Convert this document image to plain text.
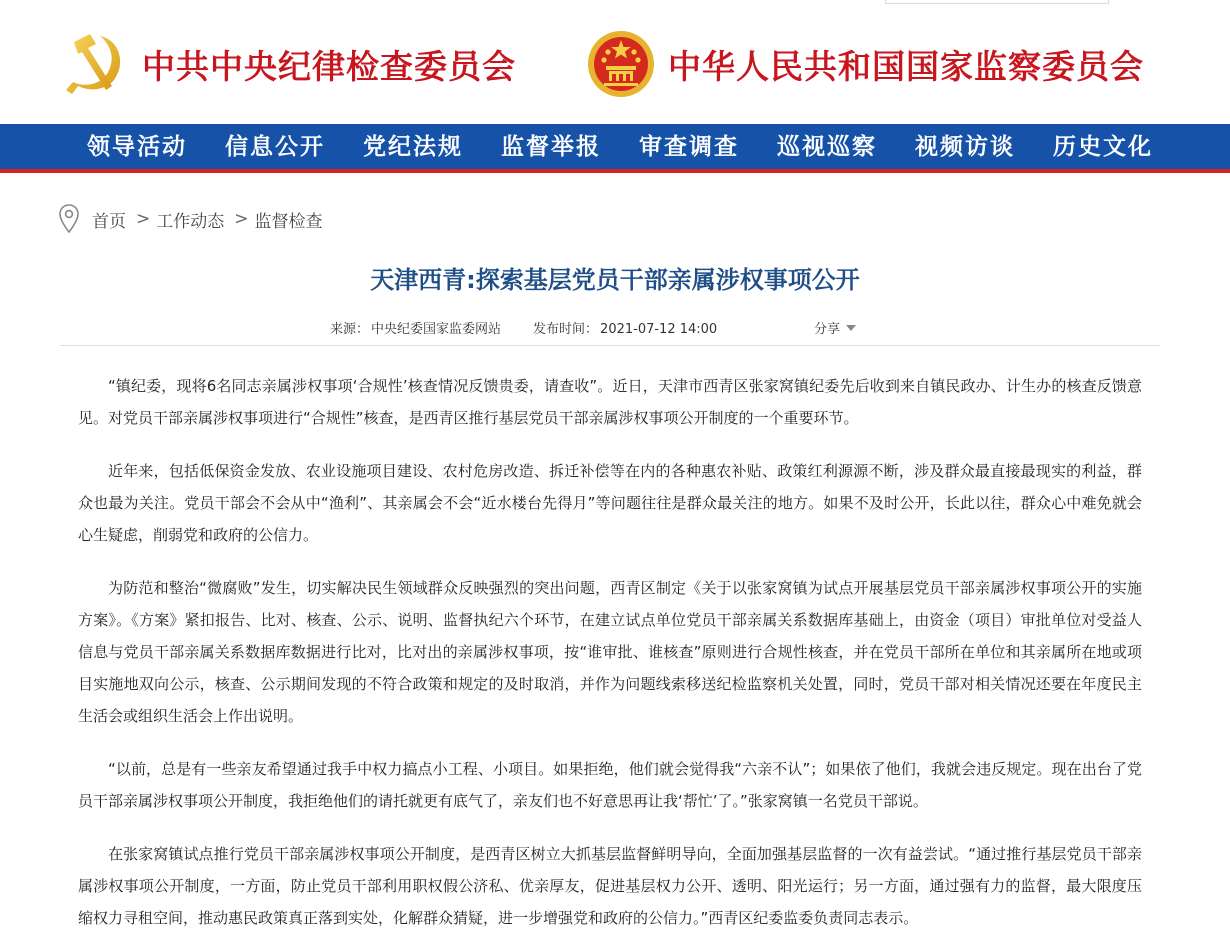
中共中央纪律检查委员会	中华人民共和国国家监察委员会
领导活动	信息公开	党纪法规	监督举报	审查调查	巡视巡察	视频访谈	历史文化
首页 > 工作动态 > 监督检查
天津西青:探索基层党员干部亲属涉权事项公开
来源： 中央纪委国家监委网站 发布时间： 2021-07-12 14:00	分享

“镇纪委，现将6名同志亲属涉权事项‘合规性’核查情况反馈贵委，请查收”。近日，天津市西青区张家窝镇纪委先后收到来自镇民政办、计生办的核查反馈意见。对党员干部亲属涉权事项进行“合规性”核查，是西青区推行基层党员干部亲属涉权事项公开制度的一个重要环节。

近年来，包括低保资金发放、农业设施项目建设、农村危房改造、拆迁补偿等在内的各种惠农补贴、政策红利源源不断，涉及群众最直接最现实的利益，群众也最为关注。党员干部会不会从中“渔利”、其亲属会不会“近水楼台先得月”等问题往往是群众最关注的地方。如果不及时公开，长此以往，群众心中难免就会心生疑虑，削弱党和政府的公信力。

为防范和整治“微腐败”发生，切实解决民生领域群众反映强烈的突出问题，西青区制定《关于以张家窝镇为试点开展基层党员干部亲属涉权事项公开的实施方案》。《方案》紧扣报告、比对、核查、公示、说明、监督执纪六个环节，在建立试点单位党员干部亲属关系数据库基础上，由资金（项目）审批单位对受益人信息与党员干部亲属关系数据库数据进行比对，比对出的亲属涉权事项，按“谁审批、谁核查”原则进行合规性核查，并在党员干部所在单位和其亲属所在地或项目实施地双向公示，核查、公示期间发现的不符合政策和规定的及时取消，并作为问题线索移送纪检监察机关处置，同时，党员干部对相关情况还要在年度民主生活会或组织生活会上作出说明。

“以前，总是有一些亲友希望通过我手中权力搞点小工程、小项目。如果拒绝，他们就会觉得我“六亲不认”；如果依了他们，我就会违反规定。现在出台了党员干部亲属涉权事项公开制度，我拒绝他们的请托就更有底气了，亲友们也不好意思再让我‘帮忙’了。”张家窝镇一名党员干部说。

在张家窝镇试点推行党员干部亲属涉权事项公开制度，是西青区树立大抓基层监督鲜明导向，全面加强基层监督的一次有益尝试。“通过推行基层党员干部亲属涉权事项公开制度，一方面，防止党员干部利用职权假公济私、优亲厚友，促进基层权力公开、透明、阳光运行；另一方面，通过强有力的监督，最大限度压缩权力寻租空间，推动惠民政策真正落到实处，化解群众猜疑，进一步增强党和政府的公信力。”西青区纪委监委负责同志表示。
